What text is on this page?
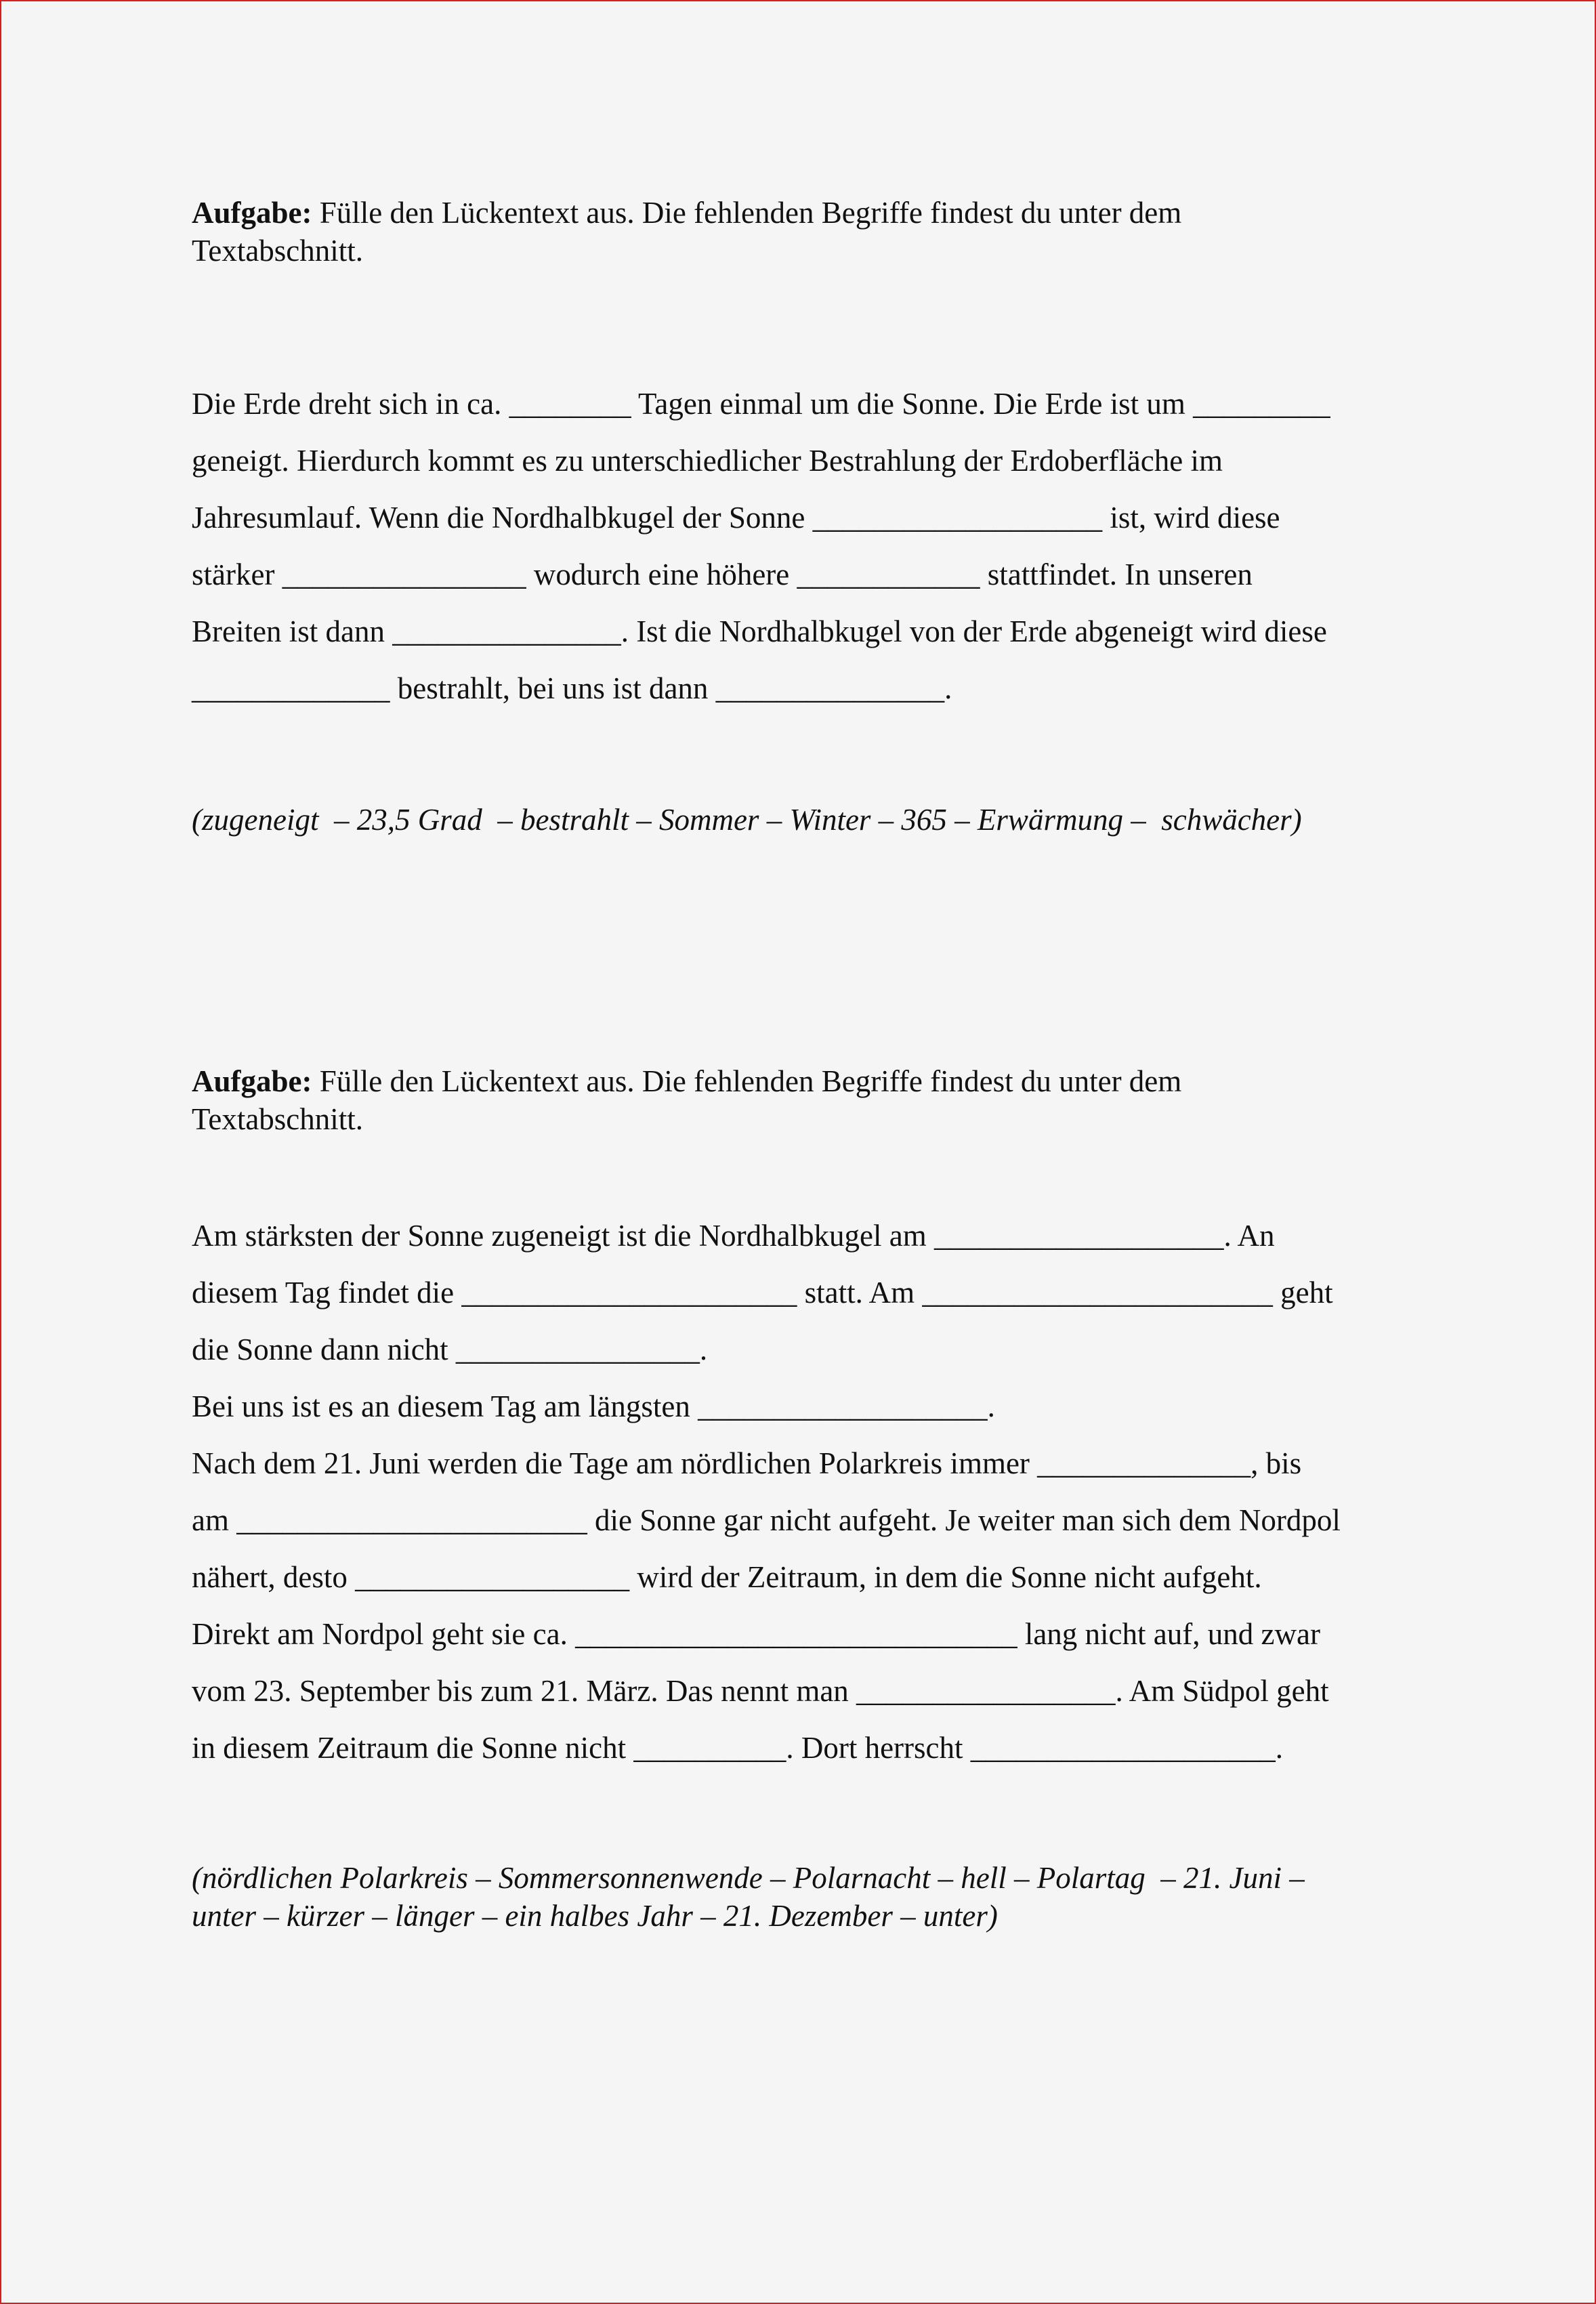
Aufgabe: Fülle den Lückentext aus. Die fehlenden Begriffe findest du unter dem
Textabschnitt.

Die Erde dreht sich in ca. ________ Tagen einmal um die Sonne. Die Erde ist um _________
geneigt. Hierdurch kommt es zu unterschiedlicher Bestrahlung der Erdoberfläche im
Jahresumlauf. Wenn die Nordhalbkugel der Sonne ___________________ ist, wird diese
stärker ________________ wodurch eine höhere ____________ stattfindet. In unseren
Breiten ist dann _______________. Ist die Nordhalbkugel von der Erde abgeneigt wird diese
_____________ bestrahlt, bei uns ist dann _______________.

(zugeneigt  – 23,5 Grad  – bestrahlt – Sommer – Winter – 365 – Erwärmung –  schwächer)

Aufgabe: Fülle den Lückentext aus. Die fehlenden Begriffe findest du unter dem
Textabschnitt.

Am stärksten der Sonne zugeneigt ist die Nordhalbkugel am ___________________. An
diesem Tag findet die ______________________ statt. Am _______________________ geht
die Sonne dann nicht ________________.
Bei uns ist es an diesem Tag am längsten ___________________.
Nach dem 21. Juni werden die Tage am nördlichen Polarkreis immer ______________, bis
am _______________________ die Sonne gar nicht aufgeht. Je weiter man sich dem Nordpol
nähert, desto __________________ wird der Zeitraum, in dem die Sonne nicht aufgeht.
Direkt am Nordpol geht sie ca. _____________________________ lang nicht auf, und zwar
vom 23. September bis zum 21. März. Das nennt man _________________. Am Südpol geht
in diesem Zeitraum die Sonne nicht __________. Dort herrscht ____________________.

(nördlichen Polarkreis – Sommersonnenwende – Polarnacht – hell – Polartag  – 21. Juni –
unter – kürzer – länger – ein halbes Jahr – 21. Dezember – unter)
